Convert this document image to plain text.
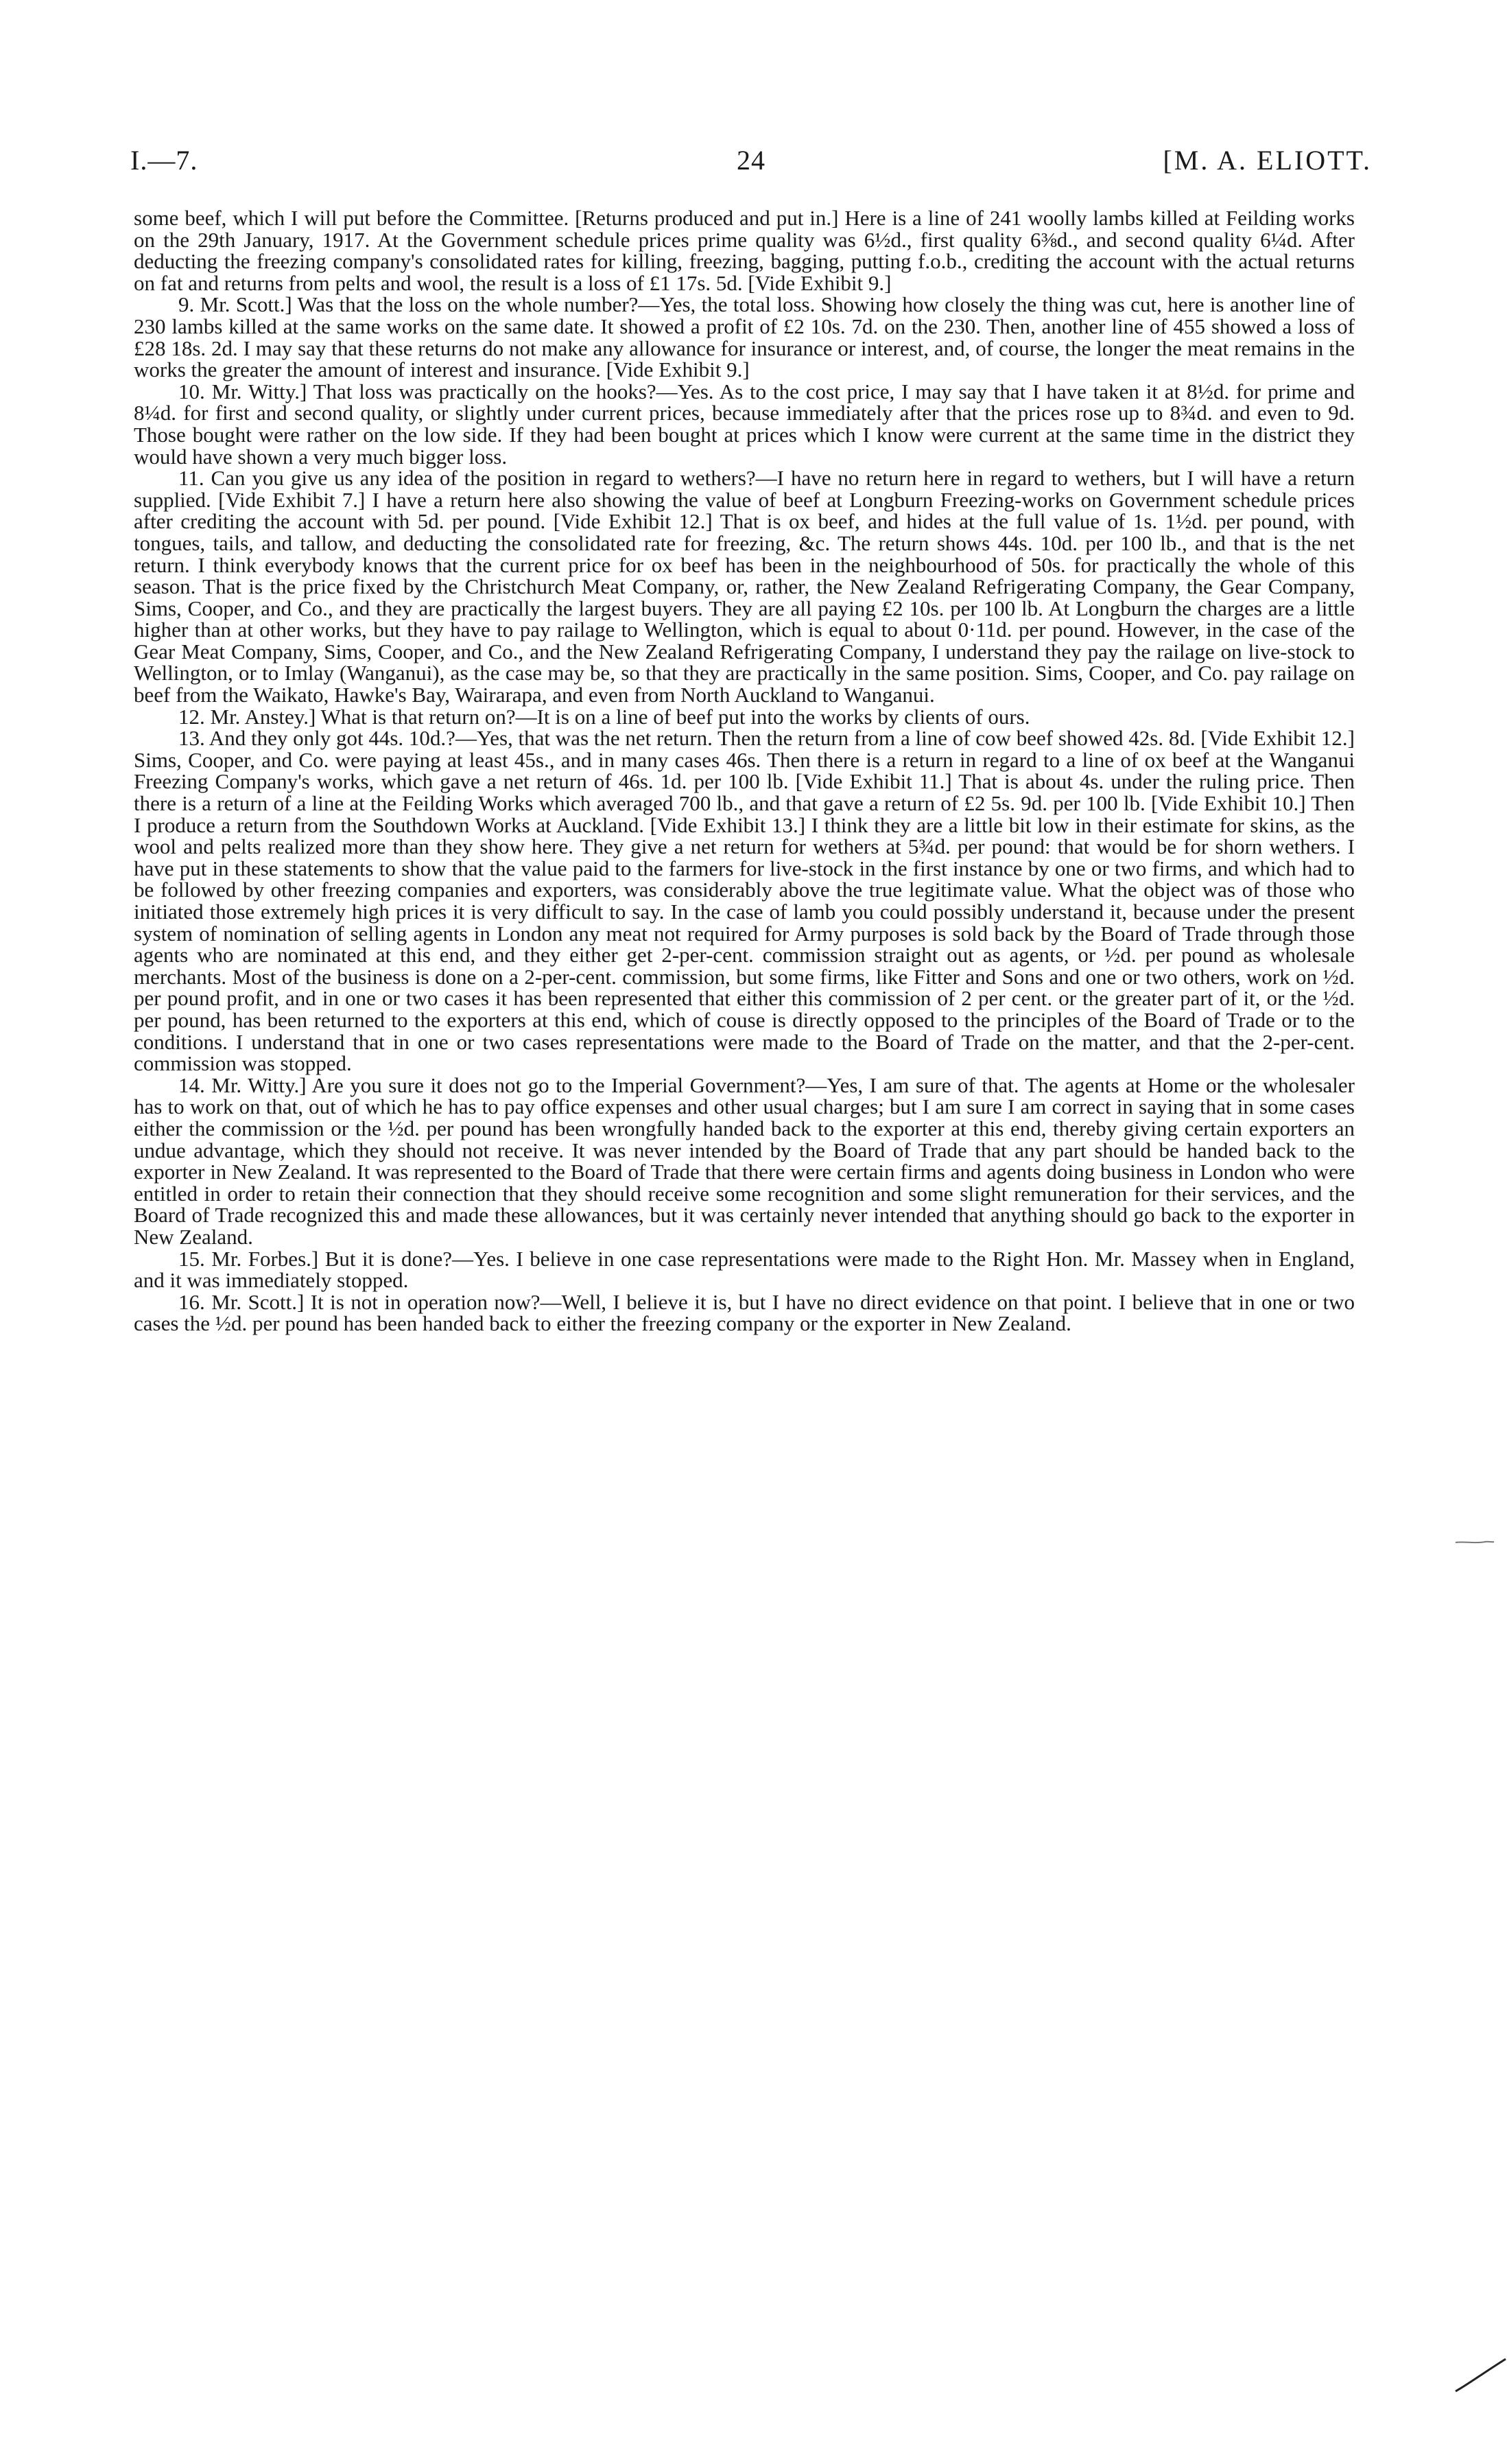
I.—7.	24	[M. A. ELIOTT.

some beef, which I will put before the Committee. [Returns produced and put in.] Here is a line of 241 woolly lambs killed at Feilding works on the 29th January, 1917. At the Government schedule prices prime quality was 6½d., first quality 6⅜d., and second quality 6¼d. After deducting the freezing company's consolidated rates for killing, freezing, bagging, putting f.o.b., crediting the account with the actual returns on fat and returns from pelts and wool, the result is a loss of £1 17s. 5d. [Vide Exhibit 9.]

9. Mr. Scott.] Was that the loss on the whole number?—Yes, the total loss. Showing how closely the thing was cut, here is another line of 230 lambs killed at the same works on the same date. It showed a profit of £2 10s. 7d. on the 230. Then, another line of 455 showed a loss of £28 18s. 2d. I may say that these returns do not make any allowance for insurance or interest, and, of course, the longer the meat remains in the works the greater the amount of interest and insurance. [Vide Exhibit 9.]

10. Mr. Witty.] That loss was practically on the hooks?—Yes. As to the cost price, I may say that I have taken it at 8½d. for prime and 8¼d. for first and second quality, or slightly under current prices, because immediately after that the prices rose up to 8¾d. and even to 9d. Those bought were rather on the low side. If they had been bought at prices which I know were current at the same time in the district they would have shown a very much bigger loss.

11. Can you give us any idea of the position in regard to wethers?—I have no return here in regard to wethers, but I will have a return supplied. [Vide Exhibit 7.] I have a return here also showing the value of beef at Longburn Freezing-works on Government schedule prices after crediting the account with 5d. per pound. [Vide Exhibit 12.] That is ox beef, and hides at the full value of 1s. 1½d. per pound, with tongues, tails, and tallow, and deducting the consolidated rate for freezing, &c. The return shows 44s. 10d. per 100 lb., and that is the net return. I think everybody knows that the current price for ox beef has been in the neighbourhood of 50s. for practically the whole of this season. That is the price fixed by the Christchurch Meat Company, or, rather, the New Zealand Refrigerating Company, the Gear Company, Sims, Cooper, and Co., and they are practically the largest buyers. They are all paying £2 10s. per 100 lb. At Longburn the charges are a little higher than at other works, but they have to pay railage to Wellington, which is equal to about 0·11d. per pound. However, in the case of the Gear Meat Company, Sims, Cooper, and Co., and the New Zealand Refrigerating Company, I understand they pay the railage on live-stock to Wellington, or to Imlay (Wanganui), as the case may be, so that they are practically in the same position. Sims, Cooper, and Co. pay railage on beef from the Waikato, Hawke's Bay, Wairarapa, and even from North Auckland to Wanganui.

12. Mr. Anstey.] What is that return on?—It is on a line of beef put into the works by clients of ours.

13. And they only got 44s. 10d.?—Yes, that was the net return. Then the return from a line of cow beef showed 42s. 8d. [Vide Exhibit 12.] Sims, Cooper, and Co. were paying at least 45s., and in many cases 46s. Then there is a return in regard to a line of ox beef at the Wanganui Freezing Company's works, which gave a net return of 46s. 1d. per 100 lb. [Vide Exhibit 11.] That is about 4s. under the ruling price. Then there is a return of a line at the Feilding Works which averaged 700 lb., and that gave a return of £2 5s. 9d. per 100 lb. [Vide Exhibit 10.] Then I produce a return from the Southdown Works at Auckland. [Vide Exhibit 13.] I think they are a little bit low in their estimate for skins, as the wool and pelts realized more than they show here. They give a net return for wethers at 5¾d. per pound: that would be for shorn wethers. I have put in these statements to show that the value paid to the farmers for live-stock in the first instance by one or two firms, and which had to be followed by other freezing companies and exporters, was considerably above the true legitimate value. What the object was of those who initiated those extremely high prices it is very difficult to say. In the case of lamb you could possibly understand it, because under the present system of nomination of selling agents in London any meat not required for Army purposes is sold back by the Board of Trade through those agents who are nominated at this end, and they either get 2-per-cent. commission straight out as agents, or ½d. per pound as wholesale merchants. Most of the business is done on a 2-per-cent. commission, but some firms, like Fitter and Sons and one or two others, work on ½d. per pound profit, and in one or two cases it has been represented that either this commission of 2 per cent. or the greater part of it, or the ½d. per pound, has been returned to the exporters at this end, which of couse is directly opposed to the principles of the Board of Trade or to the conditions. I understand that in one or two cases representations were made to the Board of Trade on the matter, and that the 2-per-cent. commission was stopped.

14. Mr. Witty.] Are you sure it does not go to the Imperial Government?—Yes, I am sure of that. The agents at Home or the wholesaler has to work on that, out of which he has to pay office expenses and other usual charges; but I am sure I am correct in saying that in some cases either the commission or the ½d. per pound has been wrongfully handed back to the exporter at this end, thereby giving certain exporters an undue advantage, which they should not receive. It was never intended by the Board of Trade that any part should be handed back to the exporter in New Zealand. It was represented to the Board of Trade that there were certain firms and agents doing business in London who were entitled in order to retain their connection that they should receive some recognition and some slight remuneration for their services, and the Board of Trade recognized this and made these allowances, but it was certainly never intended that anything should go back to the exporter in New Zealand.

15. Mr. Forbes.] But it is done?—Yes. I believe in one case representations were made to the Right Hon. Mr. Massey when in England, and it was immediately stopped.

16. Mr. Scott.] It is not in operation now?—Well, I believe it is, but I have no direct evidence on that point. I believe that in one or two cases the ½d. per pound has been handed back to either the freezing company or the exporter in New Zealand.
